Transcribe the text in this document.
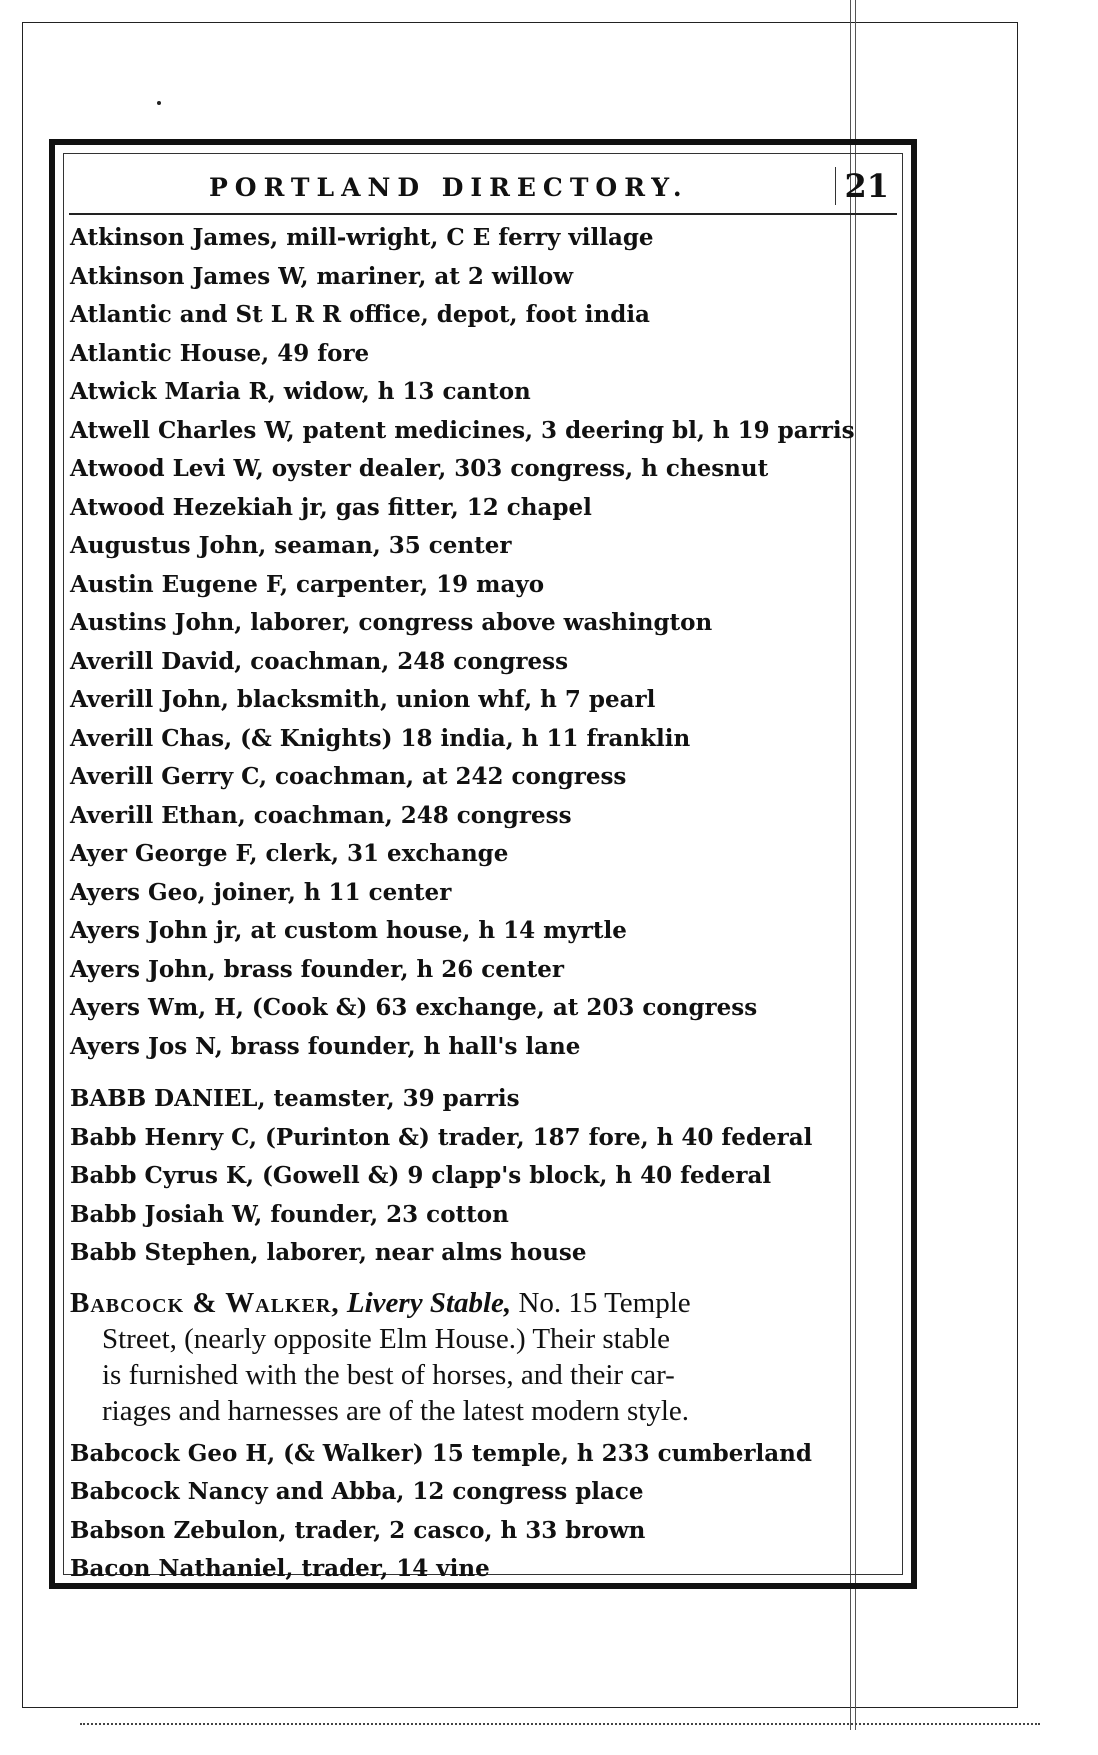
PORTLAND DIRECTORY.	21
Atkinson James, mill-wright, C E ferry village
Atkinson James W, mariner, at 2 willow
Atlantic and St L R R office, depot, foot india
Atlantic House, 49 fore
Atwick Maria R, widow, h 13 canton
Atwell Charles W, patent medicines, 3 deering bl, h 19 parris
Atwood Levi W, oyster dealer, 303 congress, h chesnut
Atwood Hezekiah jr, gas fitter, 12 chapel
Augustus John, seaman, 35 center
Austin Eugene F, carpenter, 19 mayo
Austins John, laborer, congress above washington
Averill David, coachman, 248 congress
Averill John, blacksmith, union whf, h 7 pearl
Averill Chas, (& Knights) 18 india, h 11 franklin
Averill Gerry C, coachman, at 242 congress
Averill Ethan, coachman, 248 congress
Ayer George F, clerk, 31 exchange
Ayers Geo, joiner, h 11 center
Ayers John jr, at custom house, h 14 myrtle
Ayers John, brass founder, h 26 center
Ayers Wm, H, (Cook &) 63 exchange, at 203 congress
Ayers Jos N, brass founder, h hall's lane
BABB DANIEL, teamster, 39 parris
Babb Henry C, (Purinton &) trader, 187 fore, h 40 federal
Babb Cyrus K, (Gowell &) 9 clapp's block, h 40 federal
Babb Josiah W, founder, 23 cotton
Babb Stephen, laborer, near alms house
Babcock & Walker, Livery Stable, No. 15 Temple
Street, (nearly opposite Elm House.) Their stable
is furnished with the best of horses, and their car-
riages and harnesses are of the latest modern style.
Babcock Geo H, (& Walker) 15 temple, h 233 cumberland
Babcock Nancy and Abba, 12 congress place
Babson Zebulon, trader, 2 casco, h 33 brown
Bacon Nathaniel, trader, 14 vine
